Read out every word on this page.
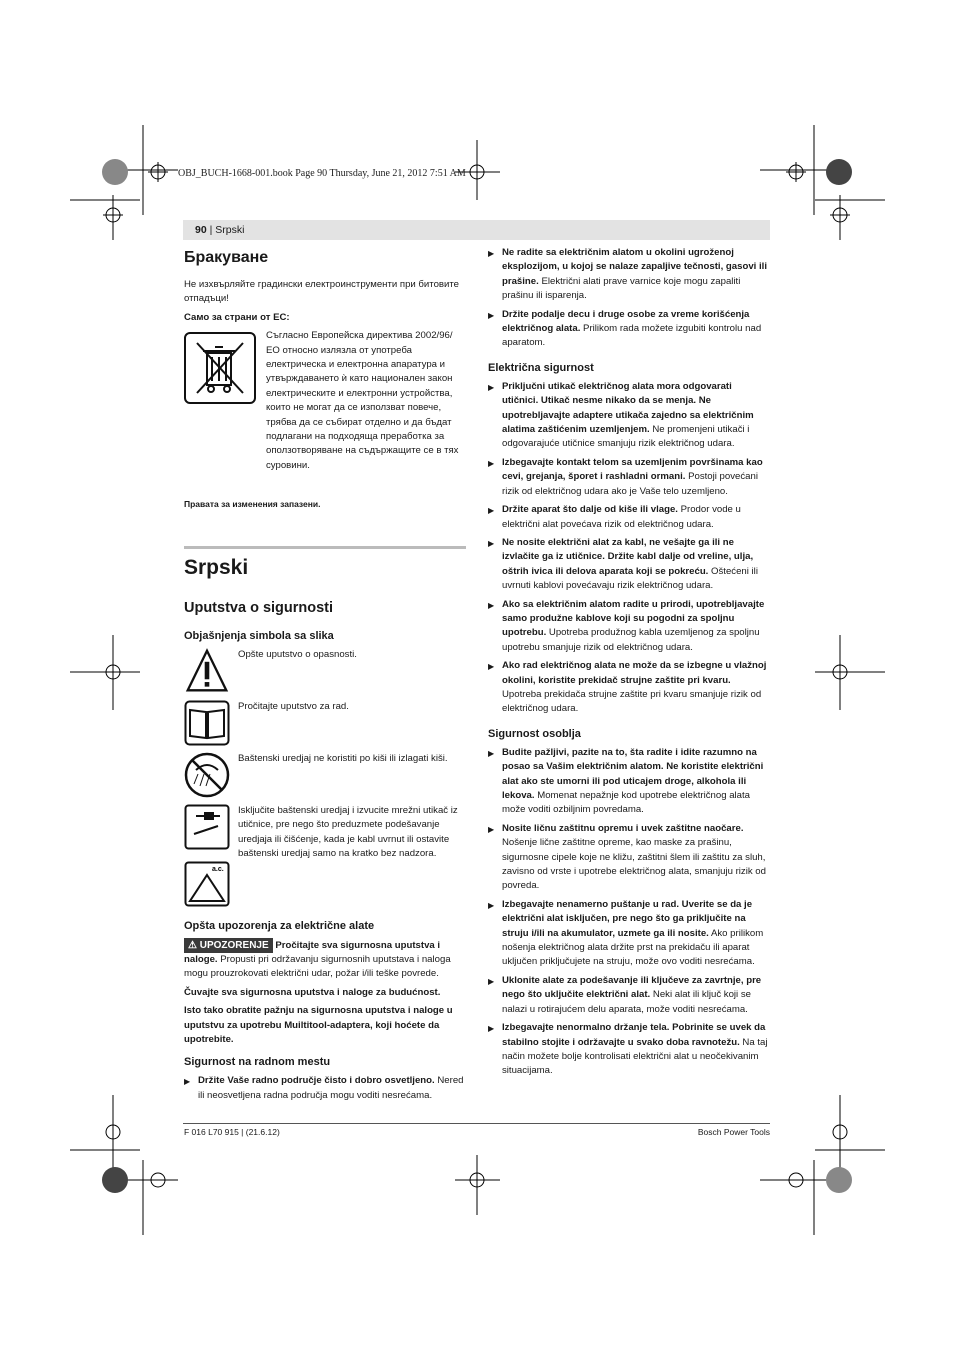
OBJ_BUCH-1668-001.book Page 90 Thursday, June 21, 2012 7:51 AM
90 | Srpski
Бракуване

Не изхвърляйте градински електроинструменти при битовите отпадъци!

Само за страни от ЕС:

Съгласно Европейска директива 2002/96/ЕО относно излязла от употреба електрическа и електронна апаратура и утвърждаването ѝ като национален закон електрическите и електронни устройства, които не могат да се използват повече, трябва да се събират отделно и да бъдат подлагани на подходяща преработка за оползотворяване на съдържащите се в тях суровини.

Правата за изменения запазени.

Srpski
Uputstva o sigurnosti
Objašnjenja simbola sa slika

Opšte uputstvo o opasnosti.

Pročitajte uputstvo za rad.

Baštenski uredjaj ne koristiti po kiši ili izlagati kiši.

a.c.

Isključite baštenski uredjaj i izvucite mrežni utikač iz utičnice, pre nego što preduzmete podešavanje uredjaja ili čišćenje, kada je kabl uvrnut ili ostavite baštenski uredjaj samo na kratko bez nadzora.

Opšta upozorenja za električne alate

⚠ UPOZORENJE Pročitajte sva sigurnosna uputstva i naloge. Propusti pri održavanju sigurnosnih uputstava i naloga mogu prouzrokovati električni udar, požar i/ili teške povrede.

Čuvajte sva sigurnosna uputstva i naloge za budućnost.

Isto tako obratite pažnju na sigurnosna uputstva i naloge u uputstvu za upotrebu Muiltitool-adaptera, koji hoćete da upotrebite.

Sigurnost na radnom mestu
▶ Držite Vaše radno područje čisto i dobro osvetljeno. Nered ili neosvetljena radna područja mogu voditi nesrećama.
▶ Ne radite sa električnim alatom u okolini ugroženoj eksplozijom, u kojoj se nalaze zapaljive tečnosti, gasovi ili prašine. Električni alati prave varnice koje mogu zapaliti prašinu ili isparenja.
▶ Držite podalje decu i druge osobe za vreme korišćenja električnog alata. Prilikom rada možete izgubiti kontrolu nad aparatom.
Električna sigurnost
▶ Priključni utikač električnog alata mora odgovarati utičnici. Utikač nesme nikako da se menja. Ne upotrebljavajte adaptere utikača zajedno sa električnim alatima zaštićenim uzemljenjem. Ne promenjeni utikači i odgovarajuće utičnice smanjuju rizik električnog udara.
▶ Izbegavajte kontakt telom sa uzemljenim površinama kao cevi, grejanja, šporet i rashladni ormani. Postoji povećani rizik od električnog udara ako je Vaše telo uzemljeno.
▶ Držite aparat što dalje od kiše ili vlage. Prodor vode u električni alat povećava rizik od električnog udara.
▶ Ne nosite električni alat za kabl, ne vešajte ga ili ne izvlačite ga iz utičnice. Držite kabl dalje od vreline, ulja, oštrih ivica ili delova aparata koji se pokreću. Oštećeni ili uvrnuti kablovi povećavaju rizik električnog udara.
▶ Ako sa električnim alatom radite u prirodi, upotrebljavajte samo produžne kablove koji su pogodni za spoljnu upotrebu. Upotreba produžnog kabla uzemljenog za spoljnu upotrebu smanjuje rizik od električnog udara.
▶ Ako rad električnog alata ne može da se izbegne u vlažnoj okolini, koristite prekidač strujne zaštite pri kvaru. Upotreba prekidača strujne zaštite pri kvaru smanjuje rizik od električnog udara.
Sigurnost osoblja
▶ Budite pažljivi, pazite na to, šta radite i idite razumno na posao sa Vašim električnim alatom. Ne koristite električni alat ako ste umorni ili pod uticajem droge, alkohola ili lekova. Momenat nepažnje kod upotrebe električnog alata može voditi ozbiljnim povredama.
▶ Nosite ličnu zaštitnu opremu i uvek zaštitne naočare. Nošenje lične zaštitne opreme, kao maske za prašinu, sigurnosne cipele koje ne kližu, zaštitni šlem ili zaštitu za sluh, zavisno od vrste i upotrebe električnog alata, smanjuju rizik od povreda.
▶ Izbegavajte nenamerno puštanje u rad. Uverite se da je električni alat isključen, pre nego što ga priključite na struju i/ili na akumulator, uzmete ga ili nosite. Ako prilikom nošenja električnog alata držite prst na prekidaču ili aparat uključen priključujete na struju, može ovo voditi nesrećama.
▶ Uklonite alate za podešavanje ili ključeve za zavrtnje, pre nego što uključite električni alat. Neki alat ili ključ koji se nalazi u rotirajućem delu aparata, može voditi nesrećama.
▶ Izbegavajte nenormalno držanje tela. Pobrinite se uvek da stabilno stojite i održavajte u svako doba ravnotežu. Na taj način možete bolje kontrolisati električni alat u neočekivanim situacijama.
F 016 L70 915 | (21.6.12)	Bosch Power Tools
